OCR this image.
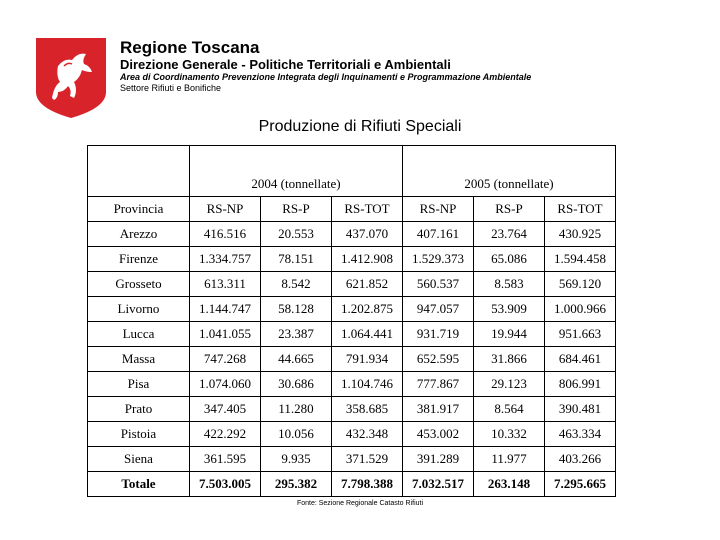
Regione Toscana
Direzione Generale - Politiche Territoriali e Ambientali
Area di Coordinamento Prevenzione Integrata degli Inquinamenti e Programmazione Ambientale
Settore Rifiuti e Bonifiche
Produzione di Rifiuti Speciali
	2004 (tonnellate)			2005 (tonnellate)		
Provincia	RS-NP	RS-P	RS-TOT	RS-NP	RS-P	RS-TOT
Arezzo	416.516	20.553	437.070	407.161	23.764	430.925
Firenze	1.334.757	78.151	1.412.908	1.529.373	65.086	1.594.458
Grosseto	613.311	8.542	621.852	560.537	8.583	569.120
Livorno	1.144.747	58.128	1.202.875	947.057	53.909	1.000.966
Lucca	1.041.055	23.387	1.064.441	931.719	19.944	951.663
Massa	747.268	44.665	791.934	652.595	31.866	684.461
Pisa	1.074.060	30.686	1.104.746	777.867	29.123	806.991
Prato	347.405	11.280	358.685	381.917	8.564	390.481
Pistoia	422.292	10.056	432.348	453.002	10.332	463.334
Siena	361.595	9.935	371.529	391.289	11.977	403.266
Totale	7.503.005	295.382	7.798.388	7.032.517	263.148	7.295.665
Fonte: Sezione Regionale Catasto Rifiuti
